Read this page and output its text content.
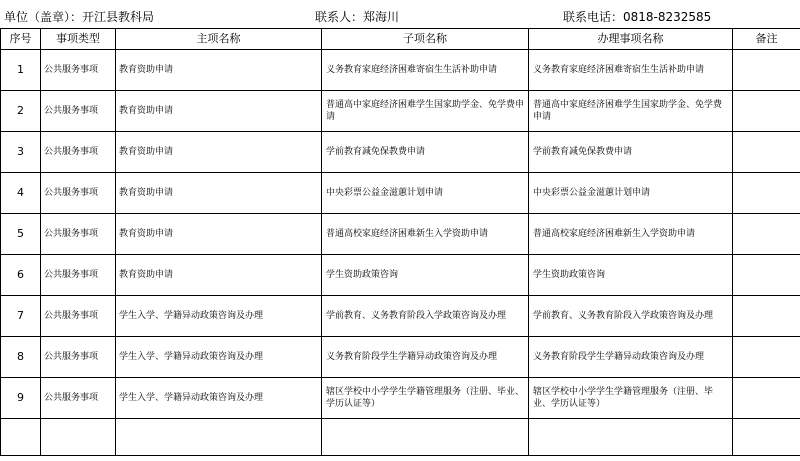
单位（盖章）：开江县教科局	联系人：郑海川	联系电话：0818-8232585
序号	事项类型	主项名称	子项名称	办理事项名称	备注
1	公共服务事项	教育资助申请	义务教育家庭经济困难寄宿生生活补助申请	义务教育家庭经济困难寄宿生生活补助申请	
2	公共服务事项	教育资助申请	普通高中家庭经济困难学生国家助学金、免学费申请	普通高中家庭经济困难学生国家助学金、免学费申请	
3	公共服务事项	教育资助申请	学前教育减免保教费申请	学前教育减免保教费申请	
4	公共服务事项	教育资助申请	中央彩票公益金滋蕙计划申请	中央彩票公益金滋蕙计划申请	
5	公共服务事项	教育资助申请	普通高校家庭经济困难新生入学资助申请	普通高校家庭经济困难新生入学资助申请	
6	公共服务事项	教育资助申请	学生资助政策咨询	学生资助政策咨询	
7	公共服务事项	学生入学、学籍异动政策咨询及办理	学前教育、义务教育阶段入学政策咨询及办理	学前教育、义务教育阶段入学政策咨询及办理	
8	公共服务事项	学生入学、学籍异动政策咨询及办理	义务教育阶段学生学籍异动政策咨询及办理	义务教育阶段学生学籍异动政策咨询及办理	
9	公共服务事项	学生入学、学籍异动政策咨询及办理	辖区学校中小学学生学籍管理服务（注册、毕业、学历认证等）	辖区学校中小学学生学籍管理服务（注册、毕业、学历认证等）	
